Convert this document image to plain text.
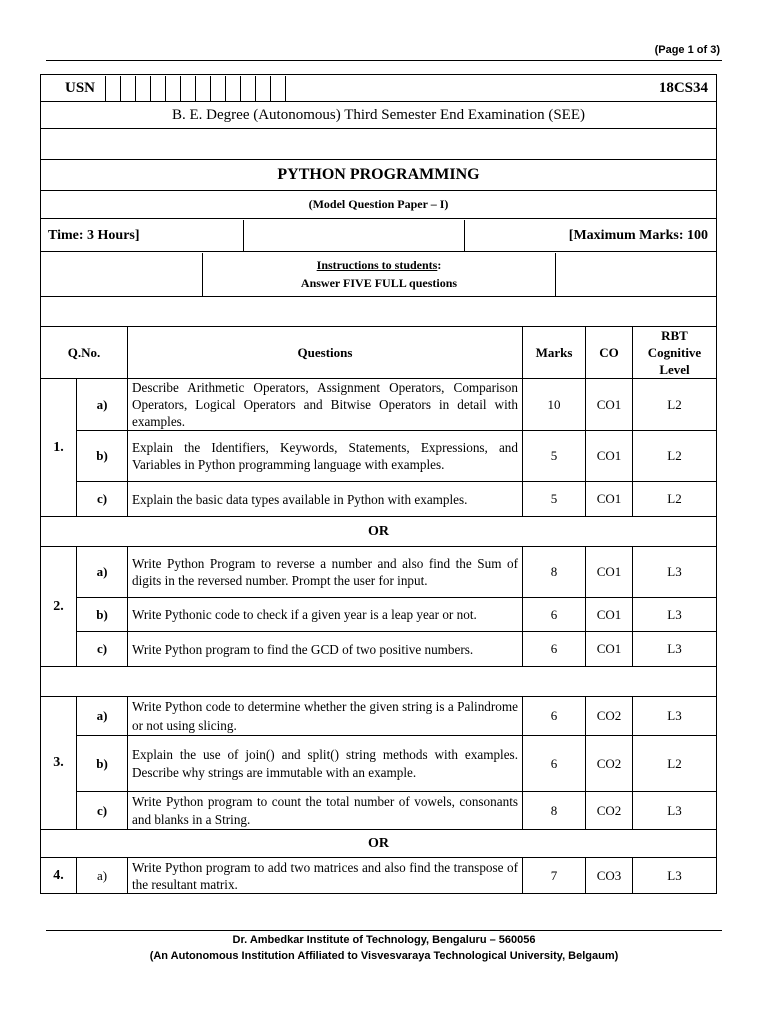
(Page 1 of 3)
USN 18CS34					

B. E. Degree (Autonomous) Third Semester End Examination (SEE)					

PYTHON PROGRAMMING					
(Model Question Paper – I)					

Time: 3 Hours] [Maximum Marks: 100					

Instructions to students:
Answer FIVE FULL questions					

Q.No.		Questions	Marks	CO	RBT Cognitive Level
1.	a)	Describe Arithmetic Operators, Assignment Operators, Comparison Operators, Logical Operators and Bitwise Operators in detail with examples.	10	CO1	L2
	b)	Explain the Identifiers, Keywords, Statements, Expressions, and Variables in Python programming language with examples.	5	CO1	L2
	c)	Explain the basic data types available in Python with examples.	5	CO1	L2
OR					
2.	a)	Write Python Program to reverse a number and also find the Sum of digits in the reversed number. Prompt the user for input.	8	CO1	L3
	b)	Write Pythonic code to check if a given year is a leap year or not.	6	CO1	L3
	c)	Write Python program to find the GCD of two positive numbers.	6	CO1	L3

3.	a)	Write Python code to determine whether the given string is a Palindrome or not using slicing.	6	CO2	L3
	b)	Explain the use of join() and split() string methods with examples. Describe why strings are immutable with an example.	6	CO2	L2
	c)	Write Python program to count the total number of vowels, consonants and blanks in a String.	8	CO2	L3
OR					
4.	a)	Write Python program to add two matrices and also find the transpose of the resultant matrix.	7	CO3	L3
Dr. Ambedkar Institute of Technology, Bengaluru – 560056
(An Autonomous Institution Affiliated to Visvesvaraya Technological University, Belgaum)
